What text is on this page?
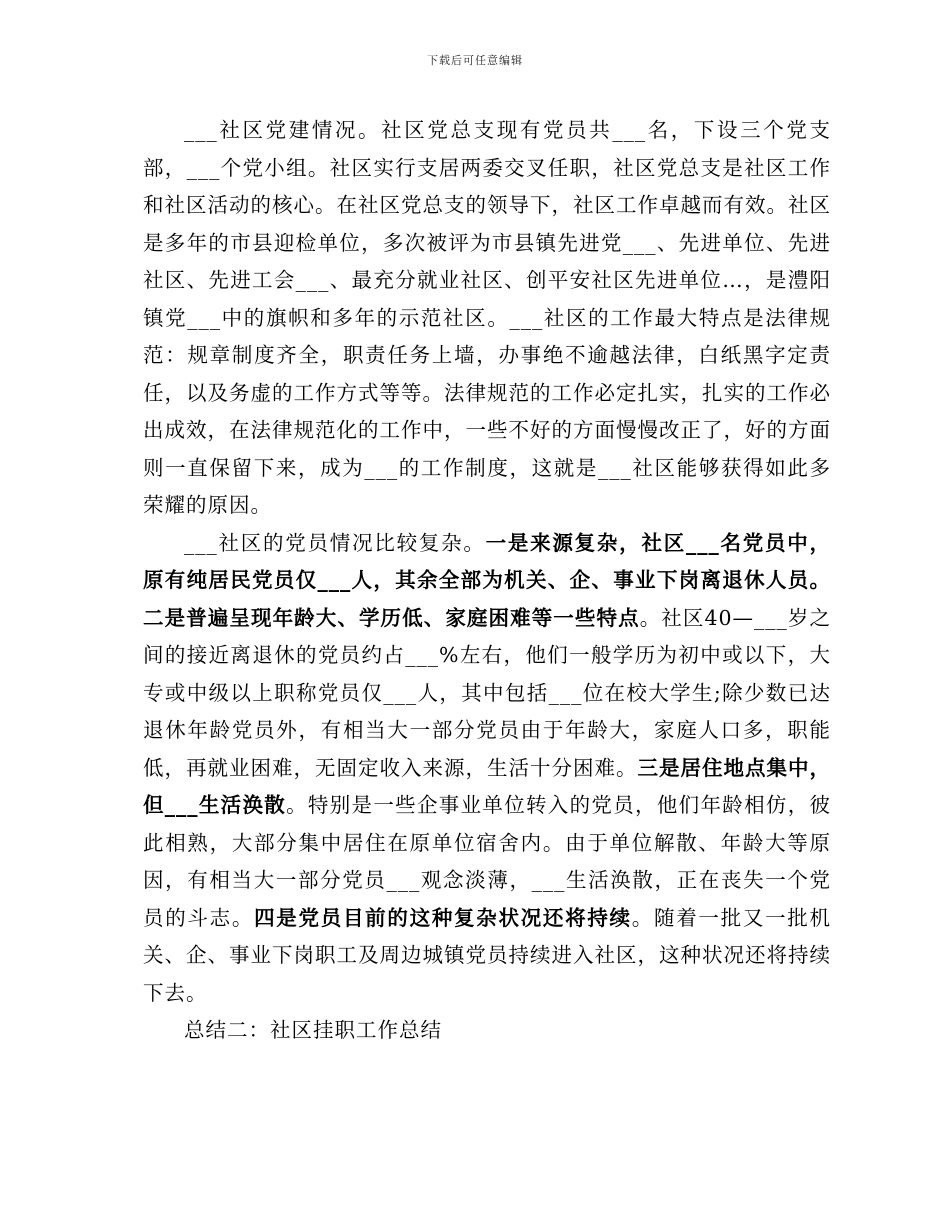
下载后可任意编辑

___社区党建情况。社区党总支现有党员共___名，下设三个党支部，___个党小组。社区实行支居两委交叉任职，社区党总支是社区工作和社区活动的核心。在社区党总支的领导下，社区工作卓越而有效。社区是多年的市县迎检单位，多次被评为市县镇先进党___、先进单位、先进社区、先进工会___、最充分就业社区、创平安社区先进单位…，是澧阳镇党___中的旗帜和多年的示范社区。___社区的工作最大特点是法律规范：规章制度齐全，职责任务上墙，办事绝不逾越法律，白纸黑字定责任，以及务虚的工作方式等等。法律规范的工作必定扎实，扎实的工作必出成效，在法律规范化的工作中，一些不好的方面慢慢改正了，好的方面则一直保留下来，成为___的工作制度，这就是___社区能够获得如此多荣耀的原因。

___社区的党员情况比较复杂。一是来源复杂，社区___名党员中，原有纯居民党员仅___人，其余全部为机关、企、事业下岗离退休人员。二是普遍呈现年龄大、学历低、家庭困难等一些特点。社区40—___岁之间的接近离退休的党员约占___%左右，他们一般学历为初中或以下，大专或中级以上职称党员仅___人，其中包括___位在校大学生;除少数已达退休年龄党员外，有相当大一部分党员由于年龄大，家庭人口多，职能低，再就业困难，无固定收入来源，生活十分困难。三是居住地点集中，但___生活涣散。特别是一些企事业单位转入的党员，他们年龄相仿，彼此相熟，大部分集中居住在原单位宿舍内。由于单位解散、年龄大等原因，有相当大一部分党员___观念淡薄，___生活涣散，正在丧失一个党员的斗志。四是党员目前的这种复杂状况还将持续。随着一批又一批机关、企、事业下岗职工及周边城镇党员持续进入社区，这种状况还将持续下去。

总结二：社区挂职工作总结
